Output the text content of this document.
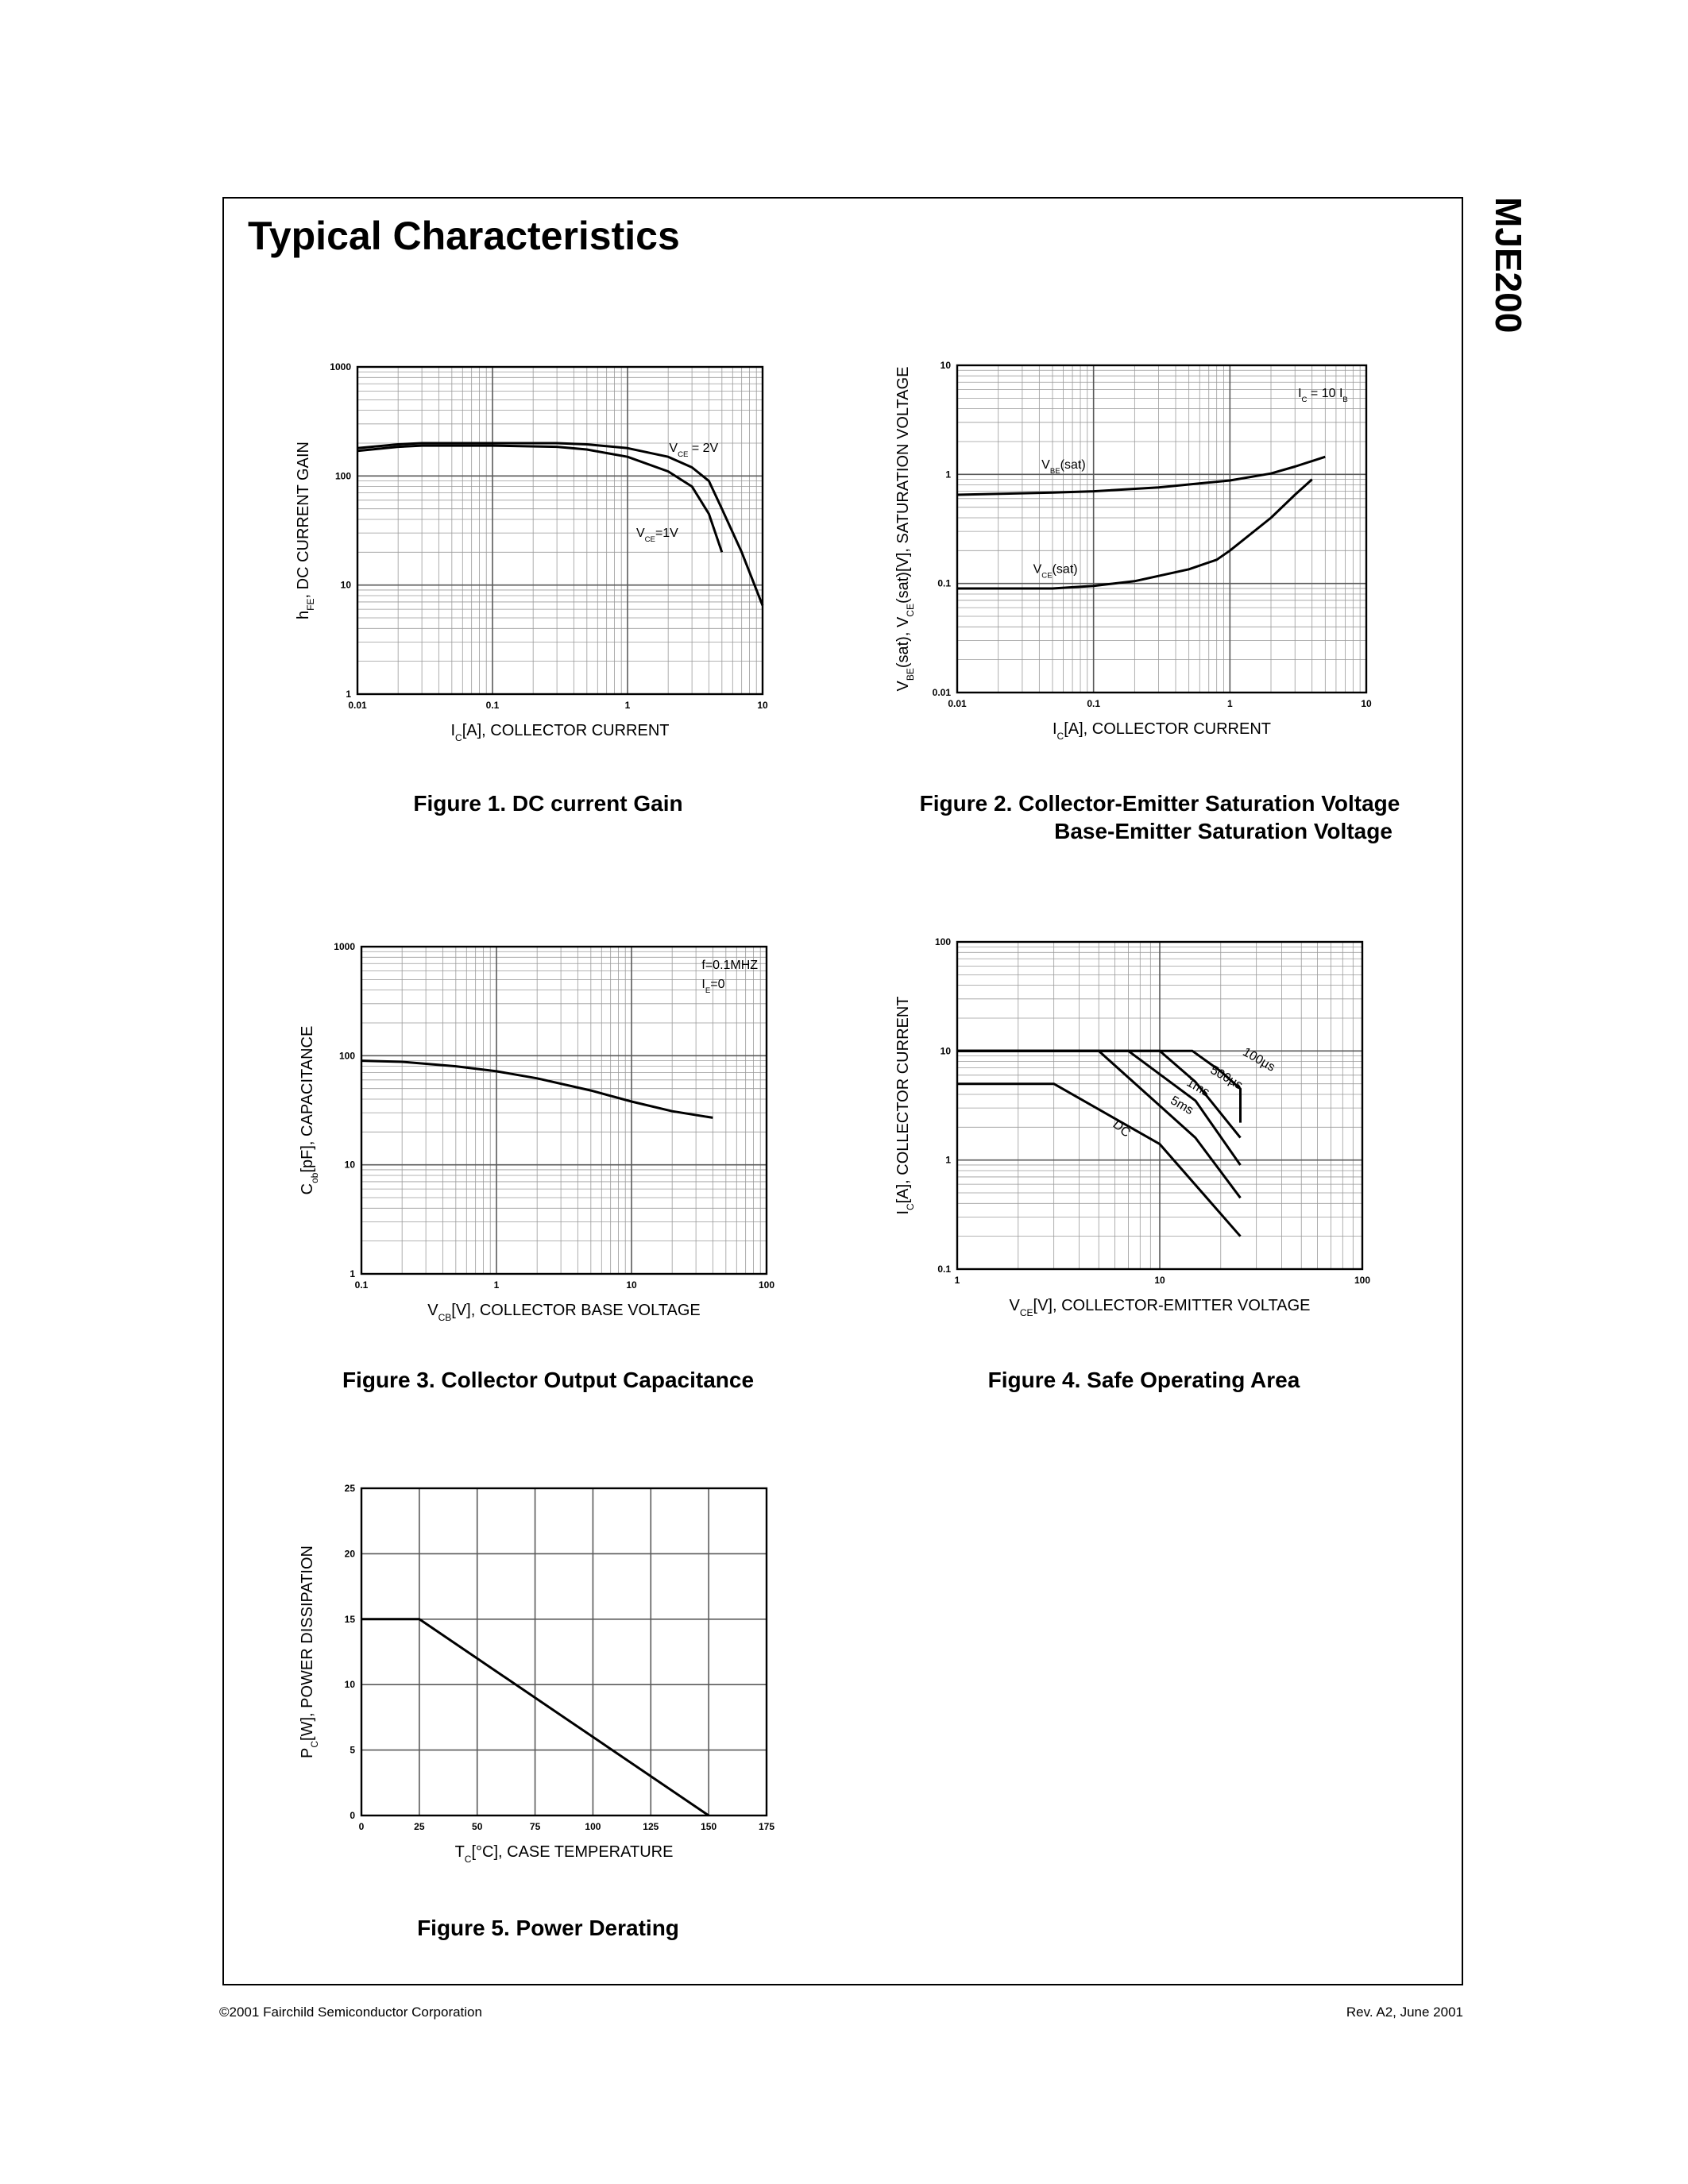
Typical Characteristics	MJE200
0.01	0.1	1	10
1
10
100
1000
$I_C[A]$, COLLECTOR CURRENT
$h_{FE}$, DC CURRENT GAIN	$V_{CE} = 2V$
$V_{CE}=1V$
Figure 1. DC current Gain
0.01	0.1	1	10
0.01
0.1
1
10
$I_C[A]$, COLLECTOR CURRENT
$V_{BE}(sat)$, $V_{CE}(sat)[V]$, SATURATION VOLTAGE	$V_{BE}(sat)$
$V_{CE}(sat)$
$I_C = 10$ $I_B$
Figure 2. Collector-Emitter Saturation Voltage
Base-Emitter Saturation Voltage
0.1	1	10	100
1
10
100
1000
$V_{CB}[V]$, COLLECTOR BASE VOLTAGE
$C_{ob}[pF]$, CAPACITANCE
f=0.1MHZ
$I_E=0$
Figure 3. Collector Output Capacitance
1	10	100
0.1
1
10
100
$V_{CE}[V]$, COLLECTOR-EMITTER VOLTAGE
$I_C[A]$, COLLECTOR CURRENT	100µs
500µs
1ms
5ms
DC
Figure 4. Safe Operating Area
0	25	50	75	100	125	150	175
0
5
10
15
20
25
$T_C[^\circ C]$, CASE TEMPERATURE
$P_C[W]$, POWER DISSIPATION
Figure 5. Power Derating
©2001 Fairchild Semiconductor Corporation	Rev. A2, June 2001
